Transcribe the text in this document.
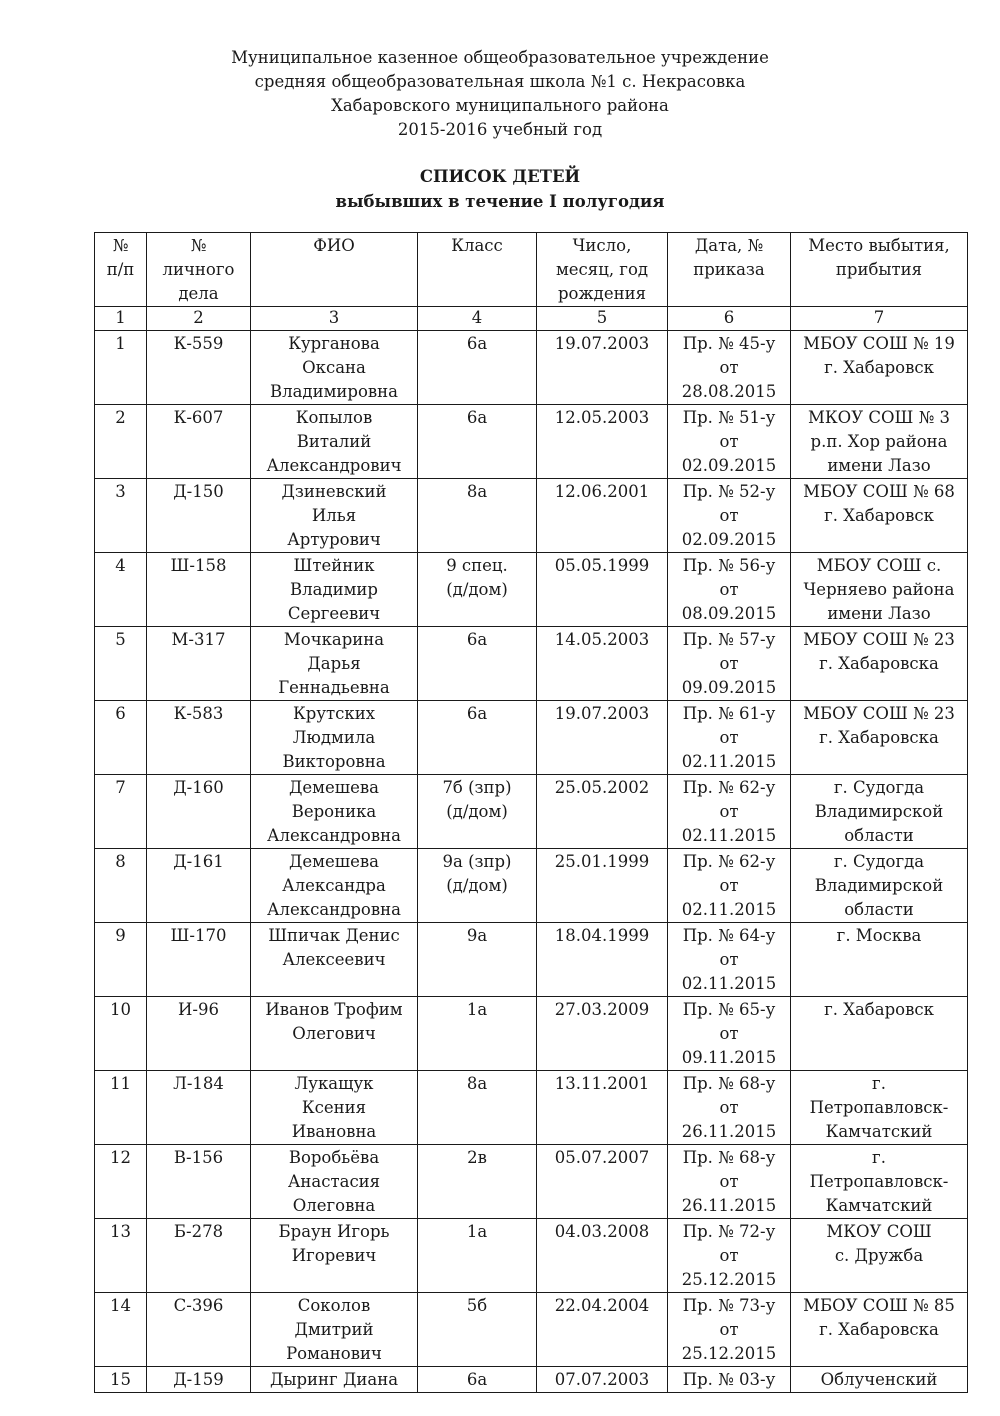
Муниципальное казенное общеобразовательное учреждение
средняя общеобразовательная школа №1 с. Некрасовка
Хабаровского муниципального района
2015-2016 учебный год
СПИСОК ДЕТЕЙ
выбывших в течение I полугодия
№
п/п	№
личного
дела	ФИО	Класс	Число,
месяц, год
рождения	Дата, №
приказа	Место выбытия,
прибытия
1	2	3	4	5	6	7
1	К-559	Курганова
Оксана
Владимировна	6а	19.07.2003	Пр. № 45-у
от
28.08.2015	МБОУ СОШ № 19
г. Хабаровск
2	К-607	Копылов
Виталий
Александрович	6а	12.05.2003	Пр. № 51-у
от
02.09.2015	МКОУ СОШ № 3
р.п. Хор района
имени Лазо
3	Д-150	Дзиневский
Илья
Артурович	8а	12.06.2001	Пр. № 52-у
от
02.09.2015	МБОУ СОШ № 68
г. Хабаровск
4	Ш-158	Штейник
Владимир
Сергеевич	9 спец.
(д/дом)	05.05.1999	Пр. № 56-у
от
08.09.2015	МБОУ СОШ с.
Черняево района
имени Лазо
5	М-317	Мочкарина
Дарья
Геннадьевна	6а	14.05.2003	Пр. № 57-у
от
09.09.2015	МБОУ СОШ № 23
г. Хабаровска
6	К-583	Крутских
Людмила
Викторовна	6а	19.07.2003	Пр. № 61-у
от
02.11.2015	МБОУ СОШ № 23
г. Хабаровска
7	Д-160	Демешева
Вероника
Александровна	7б (зпр)
(д/дом)	25.05.2002	Пр. № 62-у
от
02.11.2015	г. Судогда
Владимирской
области
8	Д-161	Демешева
Александра
Александровна	9а (зпр)
(д/дом)	25.01.1999	Пр. № 62-у
от
02.11.2015	г. Судогда
Владимирской
области
9	Ш-170	Шпичак Денис
Алексеевич	9а	18.04.1999	Пр. № 64-у
от
02.11.2015	г. Москва
10	И-96	Иванов Трофим
Олегович	1а	27.03.2009	Пр. № 65-у
от
09.11.2015	г. Хабаровск
11	Л-184	Лукащук
Ксения
Ивановна	8а	13.11.2001	Пр. № 68-у
от
26.11.2015	г.
Петропавловск-
Камчатский
12	В-156	Воробьёва
Анастасия
Олеговна	2в	05.07.2007	Пр. № 68-у
от
26.11.2015	г.
Петропавловск-
Камчатский
13	Б-278	Браун Игорь
Игоревич	1а	04.03.2008	Пр. № 72-у
от
25.12.2015	МКОУ СОШ
с. Дружба
14	С-396	Соколов
Дмитрий
Романович	5б	22.04.2004	Пр. № 73-у
от
25.12.2015	МБОУ СОШ № 85
г. Хабаровска
15	Д-159	Дыринг Диана	6а	07.07.2003	Пр. № 03-у	Облученский
